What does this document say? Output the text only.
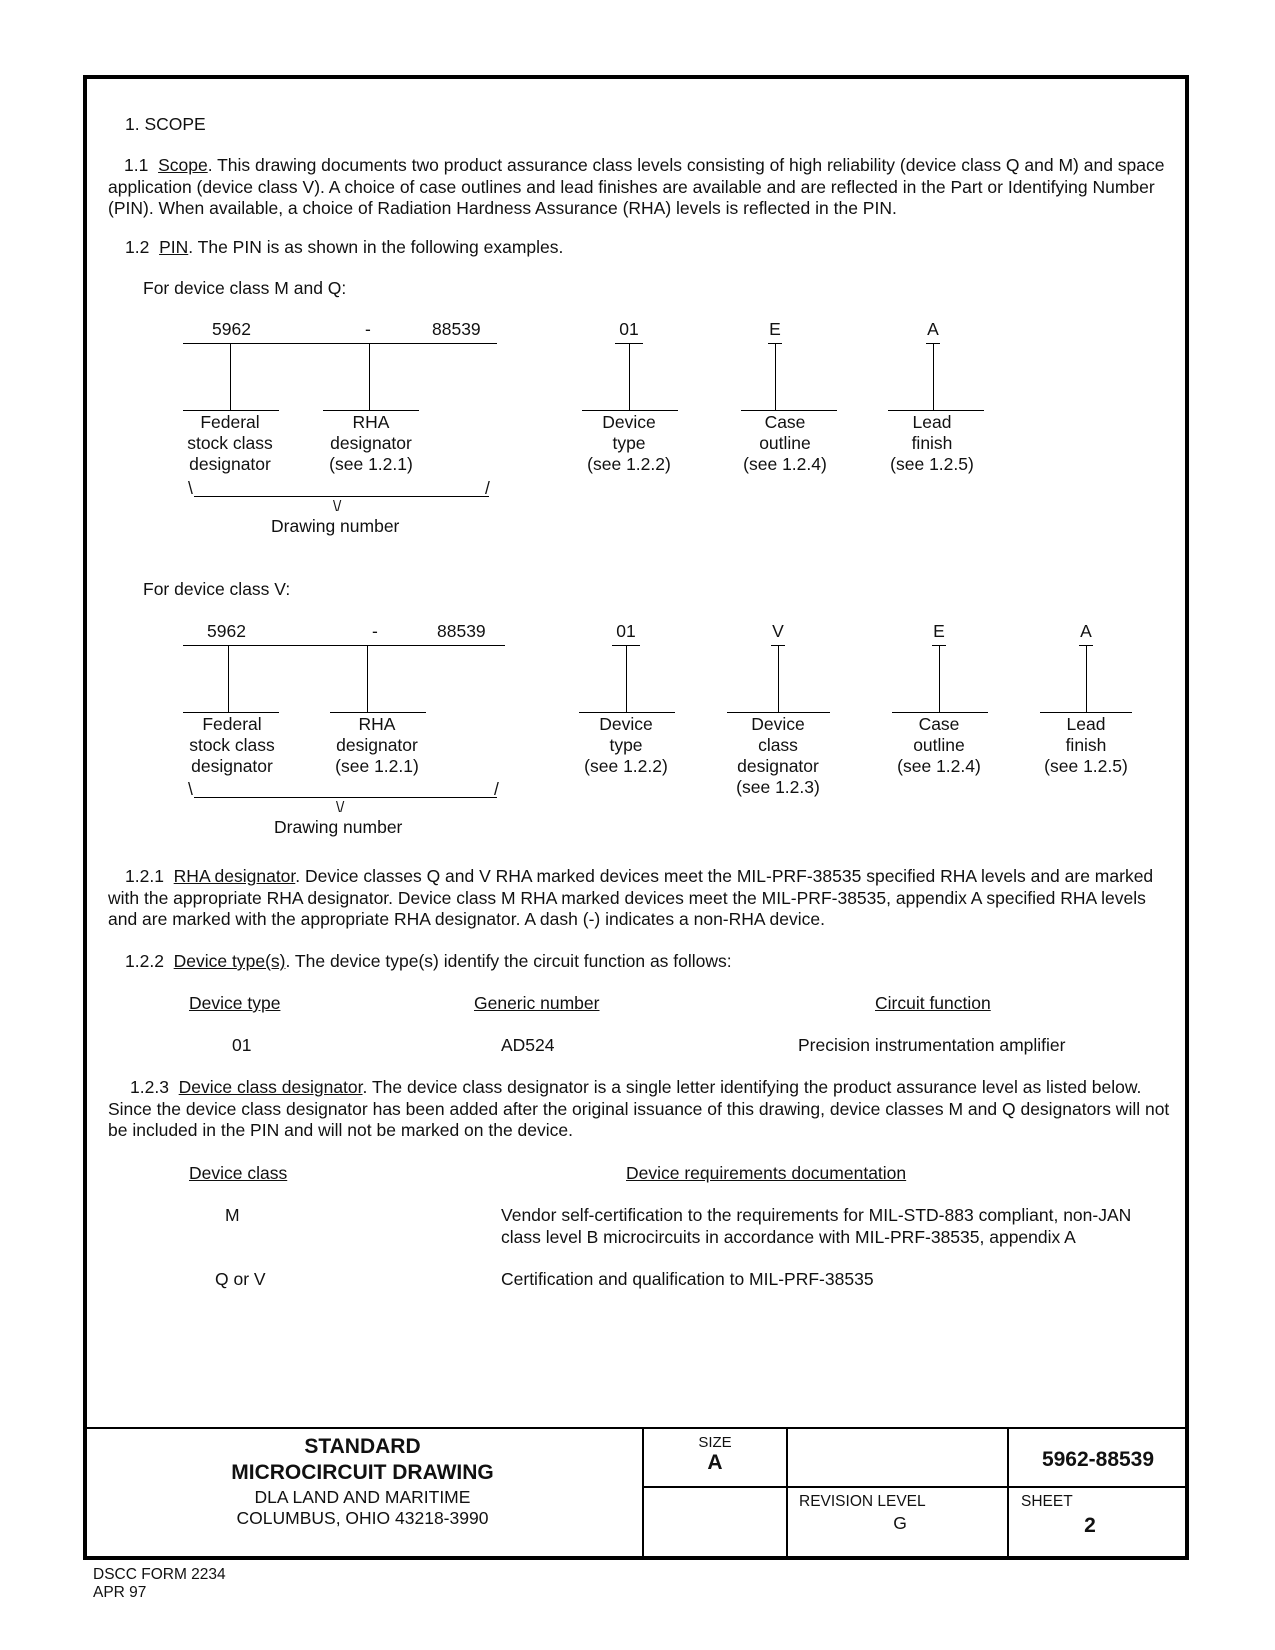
1. SCOPE
1.1 Scope. This drawing documents two product assurance class levels consisting of high reliability (device class Q and M) and space application (device class V). A choice of case outlines and lead finishes are available and are reflected in the Part or Identifying Number (PIN). When available, a choice of Radiation Hardness Assurance (RHA) levels is reflected in the PIN.
1.2 PIN. The PIN is as shown in the following examples.
For device class M and Q:
5962	-	88539	01	E	A
Federal
stock class
designator
RHA
designator
(see 1.2.1)
Device
type
(see 1.2.2)
Case
outline
(see 1.2.4)
Lead
finish
(see 1.2.5)
\	/
\/
Drawing number
For device class V:
5962	-	88539	01	V	E	A
Federal
stock class
designator
RHA
designator
(see 1.2.1)
Device
type
(see 1.2.2)
Device
class
designator
(see 1.2.3)
Case
outline
(see 1.2.4)
Lead
finish
(see 1.2.5)
\	/
\/
Drawing number
1.2.1 RHA designator. Device classes Q and V RHA marked devices meet the MIL-PRF-38535 specified RHA levels and are marked with the appropriate RHA designator. Device class M RHA marked devices meet the MIL-PRF-38535, appendix A specified RHA levels and are marked with the appropriate RHA designator. A dash (-) indicates a non-RHA device.
1.2.2 Device type(s). The device type(s) identify the circuit function as follows:
Device type	Generic number	Circuit function
01	AD524	Precision instrumentation amplifier
1.2.3 Device class designator. The device class designator is a single letter identifying the product assurance level as listed below. Since the device class designator has been added after the original issuance of this drawing, device classes M and Q designators will not be included in the PIN and will not be marked on the device.
Device class	Device requirements documentation
M	Vendor self-certification to the requirements for MIL-STD-883 compliant, non-JAN class level B microcircuits in accordance with MIL-PRF-38535, appendix A
Q or V	Certification and qualification to MIL-PRF-38535
STANDARD
MICROCIRCUIT DRAWING
DLA LAND AND MARITIME
COLUMBUS, OHIO 43218-3990
SIZE
A	5962-88539
REVISION LEVEL
G
SHEET
2
DSCC FORM 2234
APR 97
